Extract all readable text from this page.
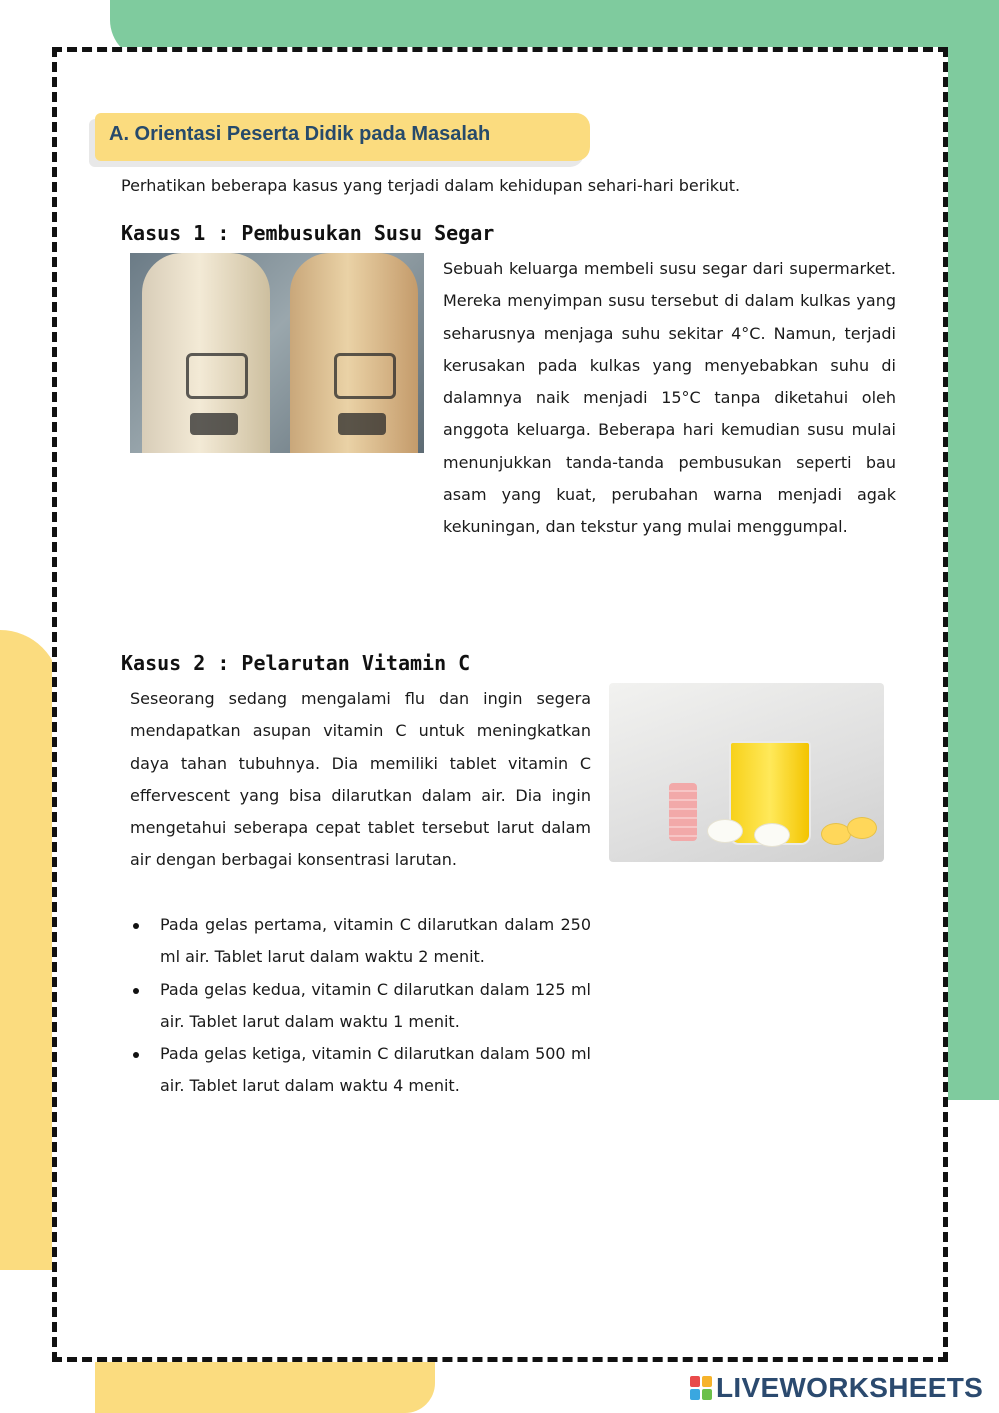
A. Orientasi Peserta Didik pada Masalah
Perhatikan beberapa kasus yang terjadi dalam kehidupan sehari-hari berikut.
Kasus 1 : Pembusukan Susu Segar

Sebuah keluarga membeli susu segar dari supermarket. Mereka menyimpan susu tersebut di dalam kulkas yang seharusnya menjaga suhu sekitar 4°C. Namun, terjadi kerusakan pada kulkas yang menyebabkan suhu di dalamnya naik menjadi 15°C tanpa diketahui oleh anggota keluarga. Beberapa hari kemudian susu mulai menunjukkan tanda-tanda pembusukan seperti bau asam yang kuat, perubahan warna menjadi agak kekuningan, dan tekstur yang mulai menggumpal.

Kasus 2 : Pelarutan Vitamin C

Seseorang sedang mengalami flu dan ingin segera mendapatkan asupan vitamin C untuk meningkatkan daya tahan tubuhnya. Dia memiliki tablet vitamin C effervescent yang bisa dilarutkan dalam air. Dia ingin mengetahui seberapa cepat tablet tersebut larut dalam air dengan berbagai konsentrasi larutan.

Pada gelas pertama, vitamin C dilarutkan dalam 250 ml air. Tablet larut dalam waktu 2 menit.
Pada gelas kedua, vitamin C dilarutkan dalam 125 ml air. Tablet larut dalam waktu 1 menit.
Pada gelas ketiga, vitamin C dilarutkan dalam 500 ml air. Tablet larut dalam waktu 4 menit.
LIVEWORKSHEETS
